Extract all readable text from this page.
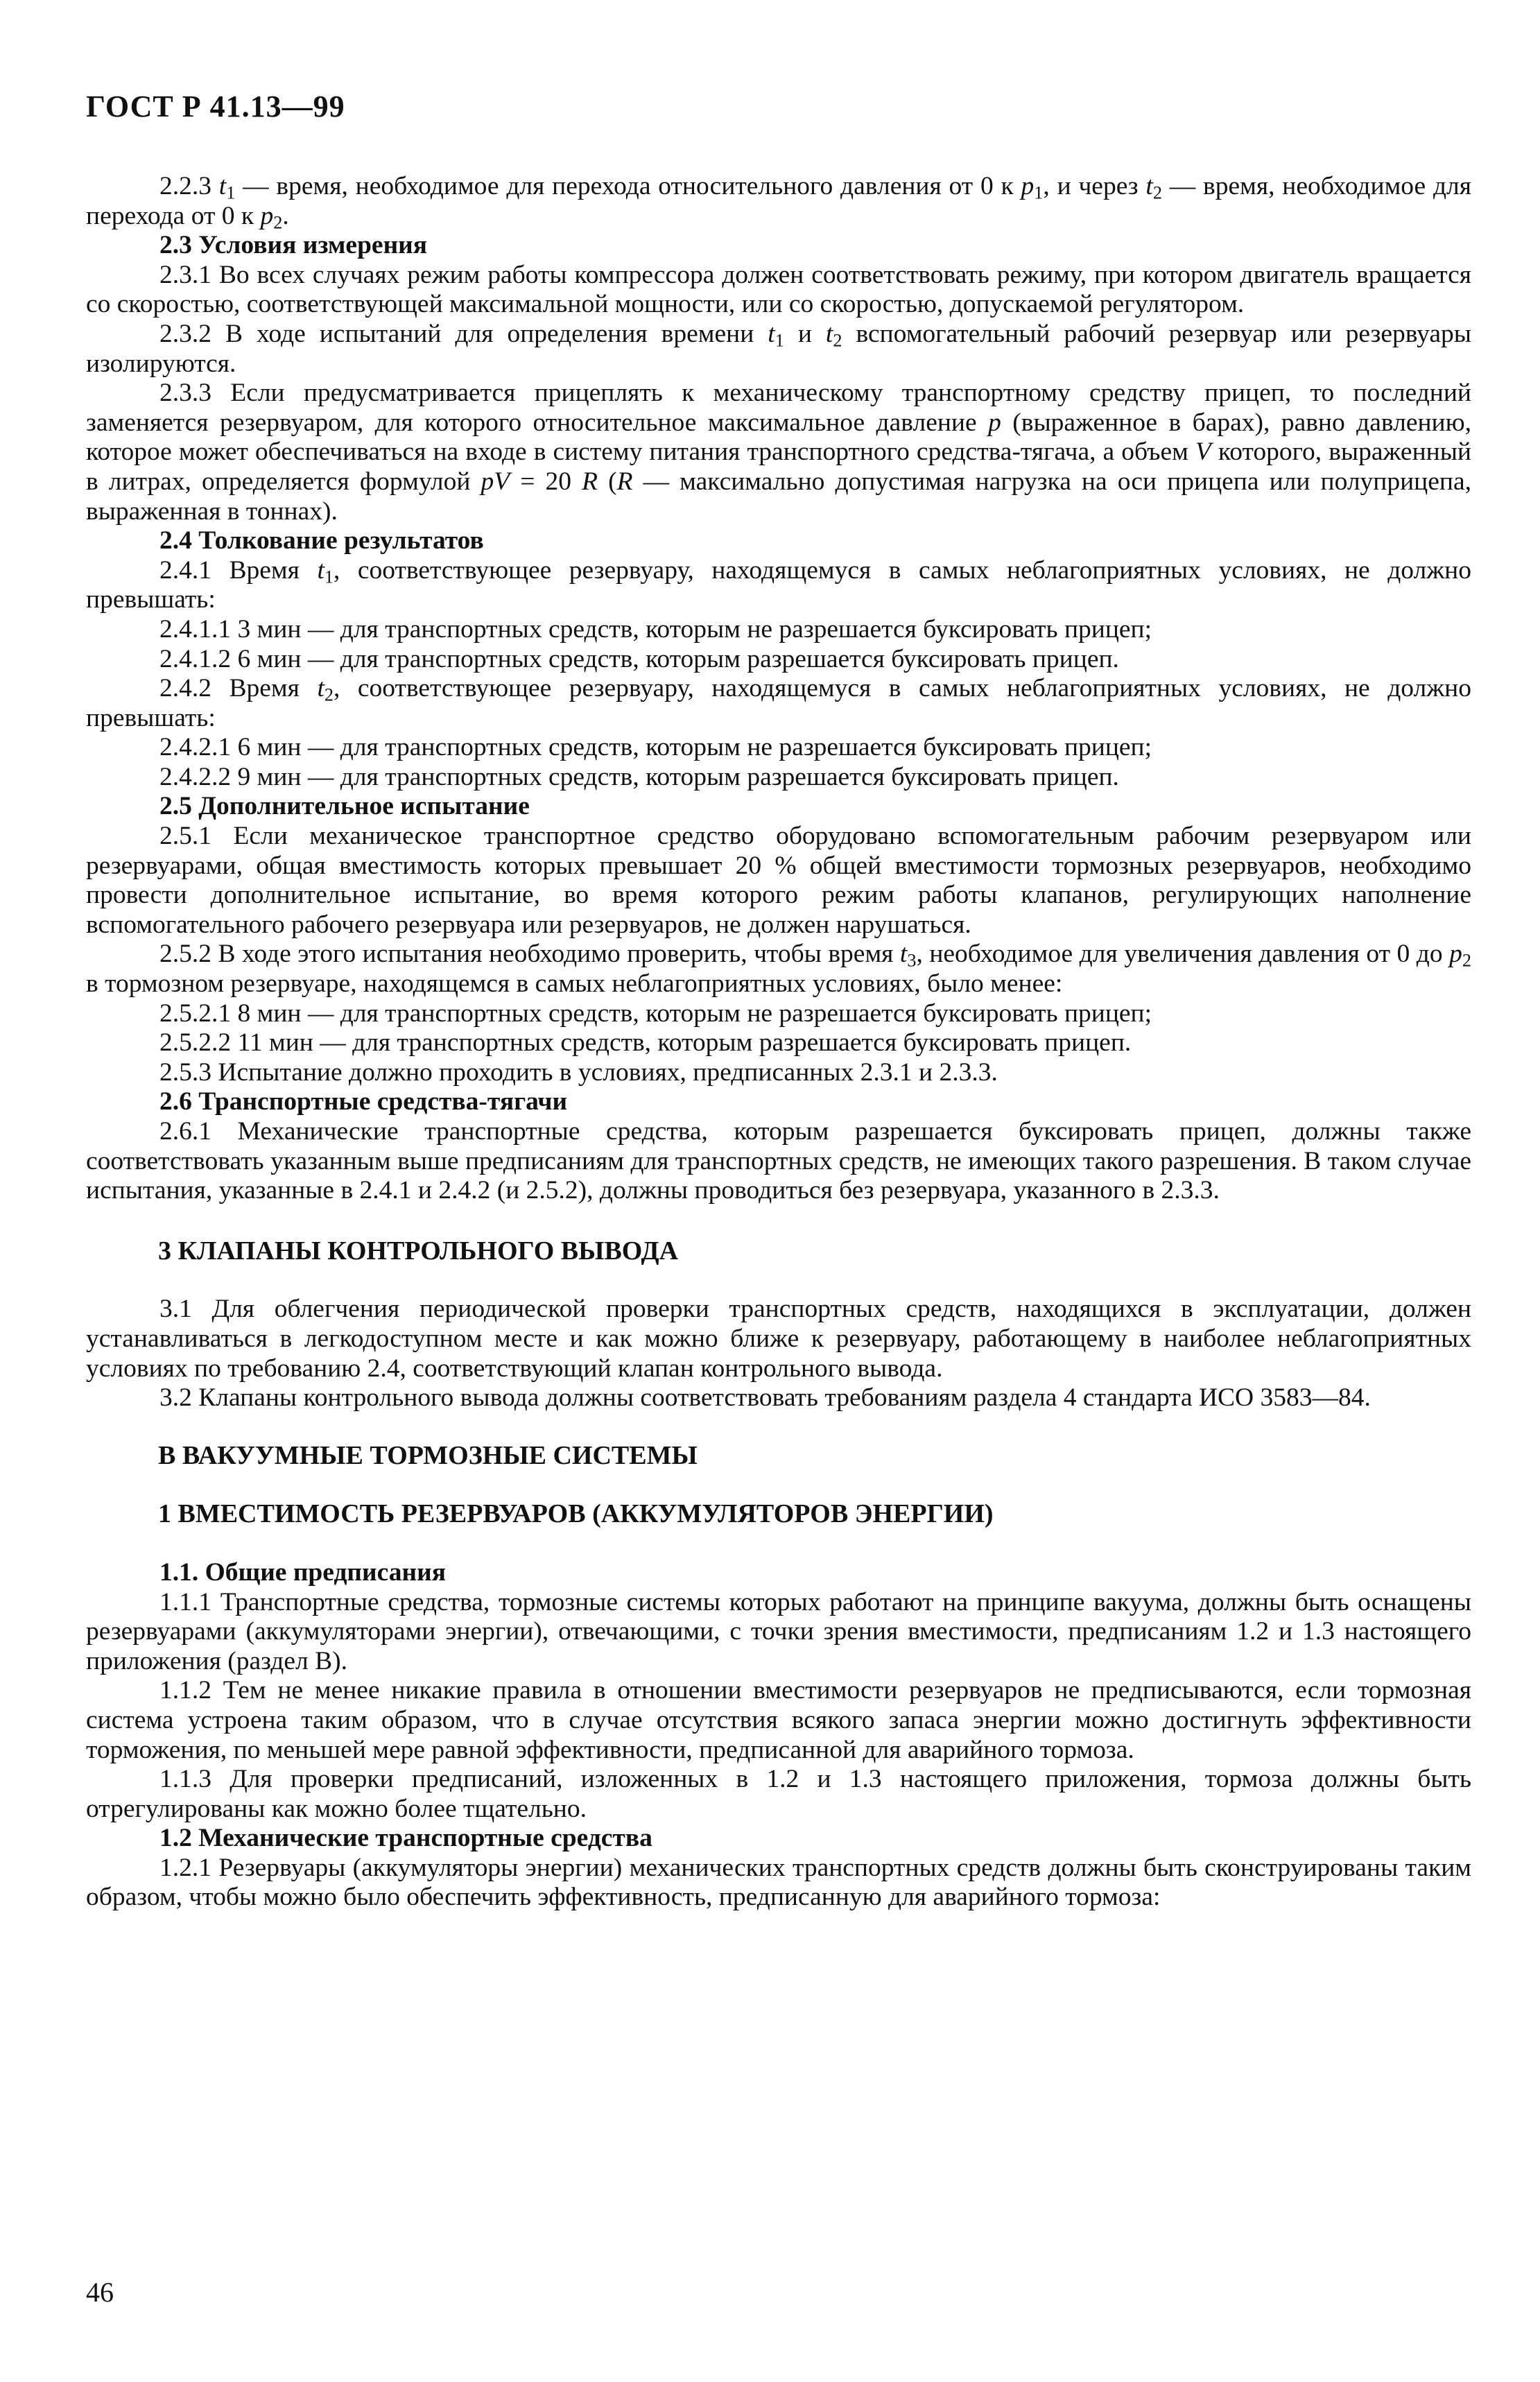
ГОСТ Р 41.13—99

2.2.3 $t_1$ — время, необходимое для перехода относительного давления от 0 к $p_1$, и через $t_2$ — время, необходимое для перехода от 0 к $p_2$.

2.3 Условия измерения

2.3.1 Во всех случаях режим работы компрессора должен соответствовать режиму, при котором двигатель вращается со скоростью, соответствующей максимальной мощности, или со скоростью, допускаемой регулятором.

2.3.2 В ходе испытаний для определения времени $t_1$ и $t_2$ вспомогательный рабочий резервуар или резервуары изолируются.

2.3.3 Если предусматривается прицеплять к механическому транспортному средству прицеп, то последний заменяется резервуаром, для которого относительное максимальное давление p (выраженное в барах), равно давлению, которое может обеспечиваться на входе в систему питания транспортного средства-тягача, а объем V которого, выраженный в литрах, определяется формулой pV = 20 R (R — максимально допустимая нагрузка на оси прицепа или полуприцепа, выраженная в тоннах).

2.4 Толкование результатов

2.4.1 Время $t_1$, соответствующее резервуару, находящемуся в самых неблагоприятных условиях, не должно превышать:

2.4.1.1 3 мин — для транспортных средств, которым не разрешается буксировать прицеп;

2.4.1.2 6 мин — для транспортных средств, которым разрешается буксировать прицеп.

2.4.2 Время $t_2$, соответствующее резервуару, находящемуся в самых неблагоприятных условиях, не должно превышать:

2.4.2.1 6 мин — для транспортных средств, которым не разрешается буксировать прицеп;

2.4.2.2 9 мин — для транспортных средств, которым разрешается буксировать прицеп.

2.5 Дополнительное испытание

2.5.1 Если механическое транспортное средство оборудовано вспомогательным рабочим резервуаром или резервуарами, общая вместимость которых превышает 20 % общей вместимости тормозных резервуаров, необходимо провести дополнительное испытание, во время которого режим работы клапанов, регулирующих наполнение вспомогательного рабочего резервуара или резервуаров, не должен нарушаться.

2.5.2 В ходе этого испытания необходимо проверить, чтобы время $t_3$, необходимое для увеличения давления от 0 до $p_2$ в тормозном резервуаре, находящемся в самых неблагоприятных условиях, было менее:

2.5.2.1 8 мин — для транспортных средств, которым не разрешается буксировать прицеп;

2.5.2.2 11 мин — для транспортных средств, которым разрешается буксировать прицеп.

2.5.3 Испытание должно проходить в условиях, предписанных 2.3.1 и 2.3.3.

2.6 Транспортные средства-тягачи

2.6.1 Механические транспортные средства, которым разрешается буксировать прицеп, должны также соответствовать указанным выше предписаниям для транспортных средств, не имеющих такого разрешения. В таком случае испытания, указанные в 2.4.1 и 2.4.2 (и 2.5.2), должны проводиться без резервуара, указанного в 2.3.3.

3 КЛАПАНЫ КОНТРОЛЬНОГО ВЫВОДА

3.1 Для облегчения периодической проверки транспортных средств, находящихся в эксплуатации, должен устанавливаться в легкодоступном месте и как можно ближе к резервуару, работающему в наиболее неблагоприятных условиях по требованию 2.4, соответствующий клапан контрольного вывода.

3.2 Клапаны контрольного вывода должны соответствовать требованиям раздела 4 стандарта ИСО 3583—84.

В ВАКУУМНЫЕ ТОРМОЗНЫЕ СИСТЕМЫ
1 ВМЕСТИМОСТЬ РЕЗЕРВУАРОВ (АККУМУЛЯТОРОВ ЭНЕРГИИ)

1.1. Общие предписания

1.1.1 Транспортные средства, тормозные системы которых работают на принципе вакуума, должны быть оснащены резервуарами (аккумуляторами энергии), отвечающими, с точки зрения вместимости, предписаниям 1.2 и 1.3 настоящего приложения (раздел В).

1.1.2 Тем не менее никакие правила в отношении вместимости резервуаров не предписываются, если тормозная система устроена таким образом, что в случае отсутствия всякого запаса энергии можно достигнуть эффективности торможения, по меньшей мере равной эффективности, предписанной для аварийного тормоза.

1.1.3 Для проверки предписаний, изложенных в 1.2 и 1.3 настоящего приложения, тормоза должны быть отрегулированы как можно более тщательно.

1.2 Механические транспортные средства

1.2.1 Резервуары (аккумуляторы энергии) механических транспортных средств должны быть сконструированы таким образом, чтобы можно было обеспечить эффективность, предписанную для аварийного тормоза:

46
